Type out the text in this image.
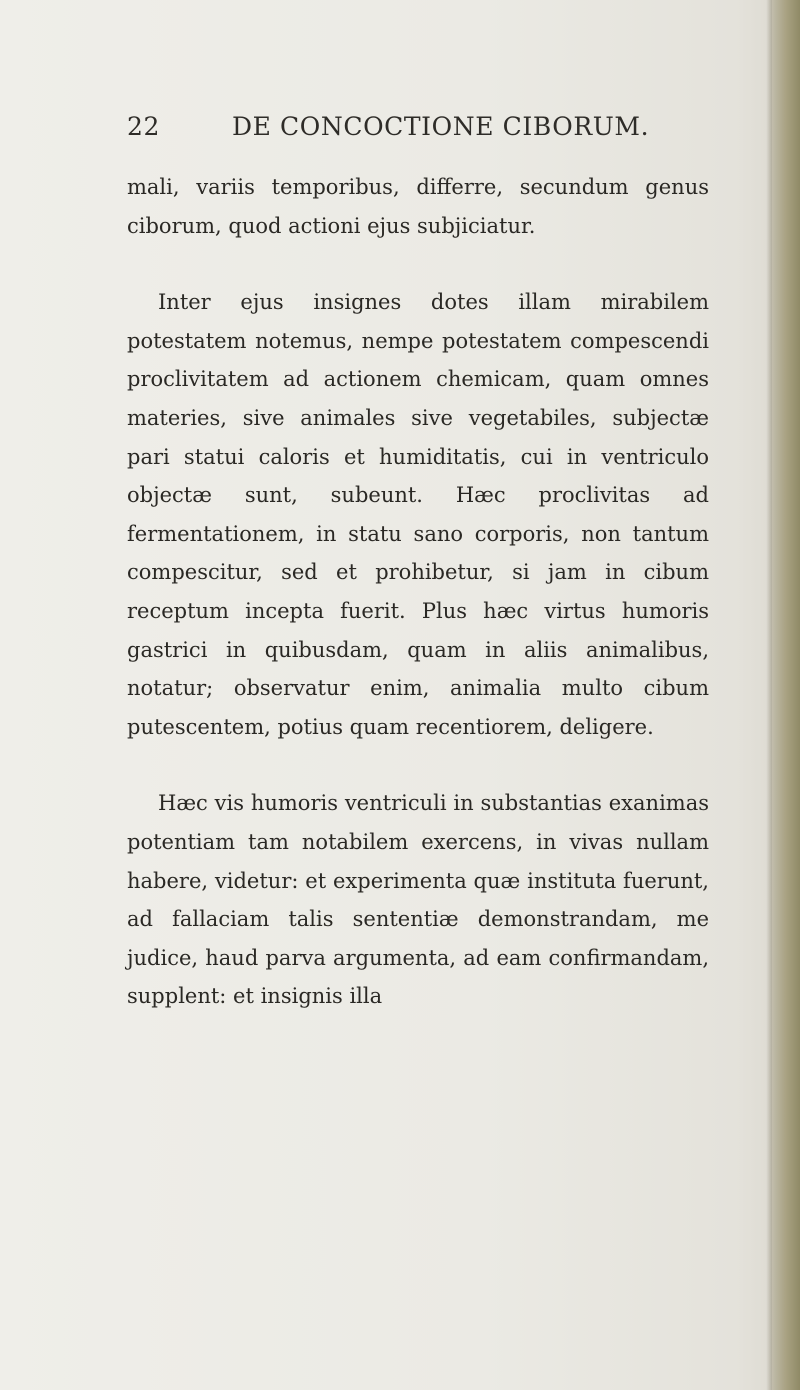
22	DE CONCOCTIONE CIBORUM.

mali, variis temporibus, differre, secundum genus ciborum, quod actioni ejus subjiciatur.

Inter ejus insignes dotes illam mirabilem potestatem notemus, nempe potestatem compescendi proclivitatem ad actionem chemicam, quam omnes materies, sive animales sive vegetabiles, subjectæ pari statui caloris et humiditatis, cui in ventriculo objectæ sunt, subeunt. Hæc proclivitas ad fermentationem, in statu sano corporis, non tantum compescitur, sed et prohibetur, si jam in cibum receptum incepta fuerit. Plus hæc virtus humoris gastrici in quibusdam, quam in aliis animalibus, notatur; observatur enim, animalia multo cibum putescentem, potius quam recentiorem, deligere.

Hæc vis humoris ventriculi in substantias exanimas potentiam tam notabilem exercens, in vivas nullam habere, videtur: et experimenta quæ instituta fuerunt, ad fallaciam talis sententiæ demonstrandam, me judice, haud parva argumenta, ad eam confirmandam, supplent: et insignis illa
